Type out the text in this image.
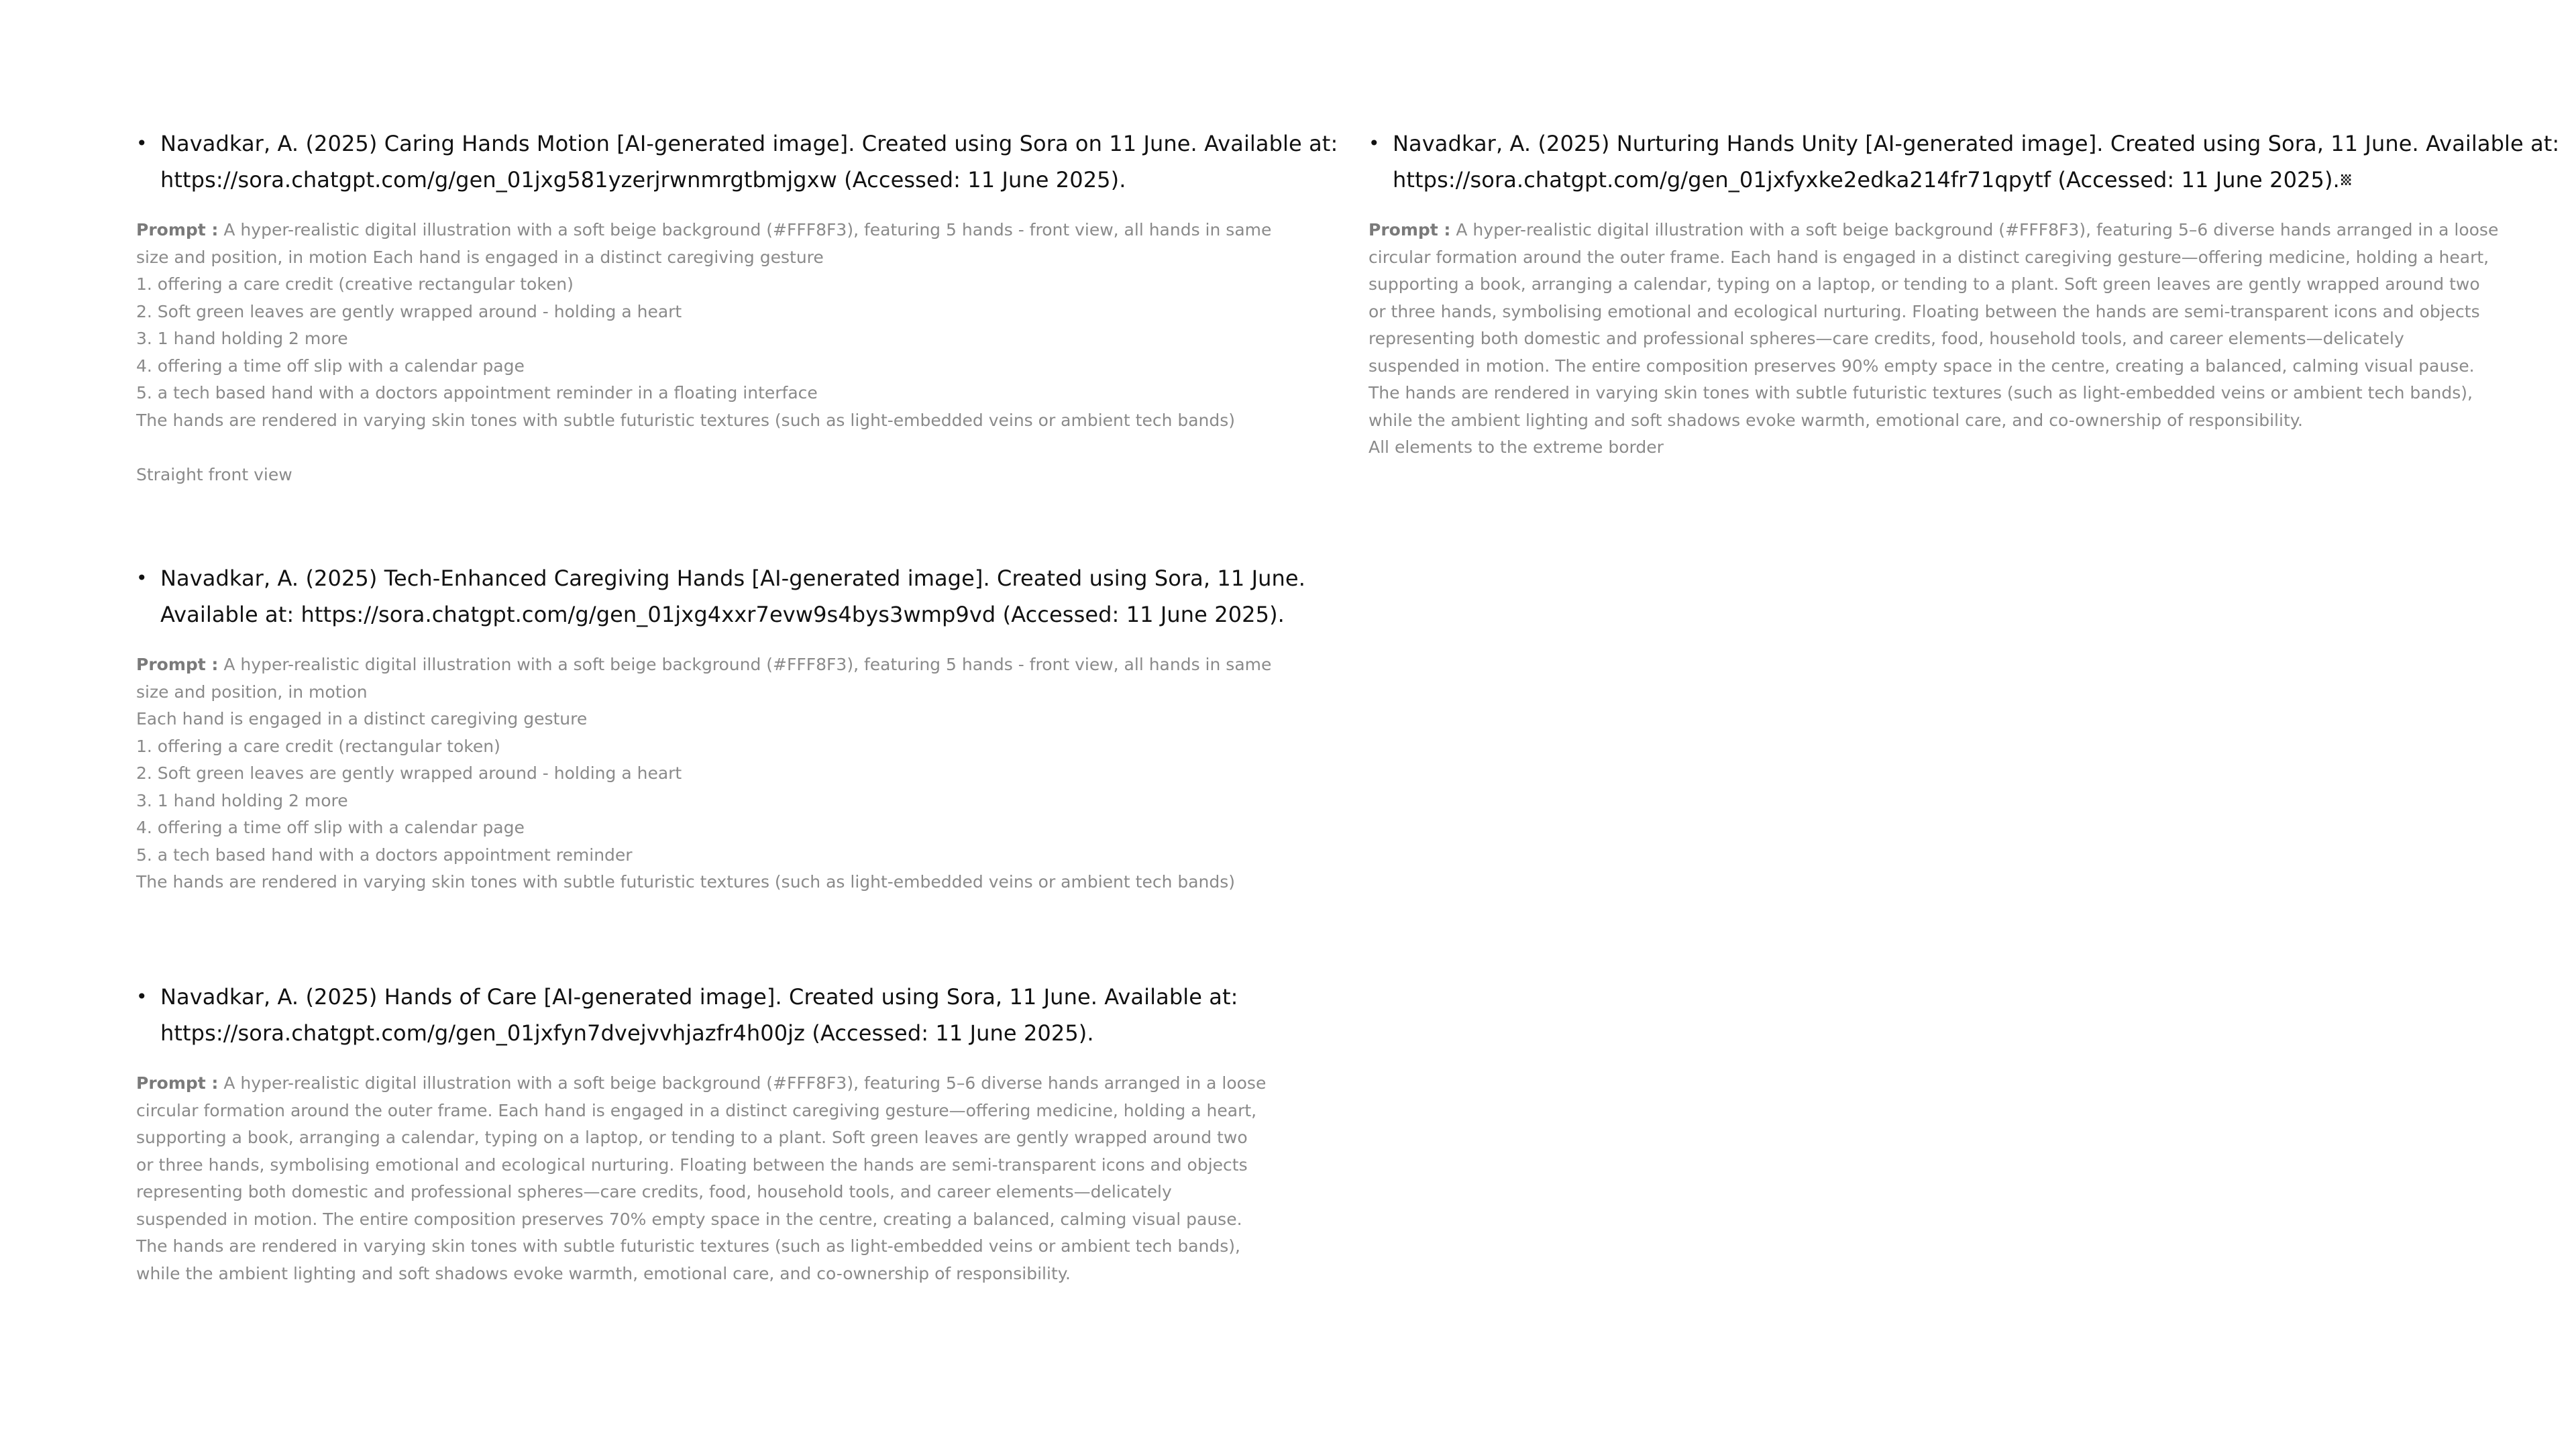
• Navadkar, A. (2025) Caring Hands Motion [AI-generated image]. Created using Sora on 11 June. Available at:
https://sora.chatgpt.com/g/gen_01jxg581yzerjrwnmrgtbmjgxw (Accessed: 11 June 2025).
Prompt : A hyper-realistic digital illustration with a soft beige background (#FFF8F3), featuring 5 hands - front view, all hands in same
size and position, in motion Each hand is engaged in a distinct caregiving gesture
1. offering a care credit (creative rectangular token)
2. Soft green leaves are gently wrapped around - holding a heart
3. 1 hand holding 2 more
4. offering a time off slip with a calendar page
5. a tech based hand with a doctors appointment reminder in a floating interface
The hands are rendered in varying skin tones with subtle futuristic textures (such as light-embedded veins or ambient tech bands)
Straight front view
• Navadkar, A. (2025) Tech-Enhanced Caregiving Hands [AI-generated image]. Created using Sora, 11 June.
Available at: https://sora.chatgpt.com/g/gen_01jxg4xxr7evw9s4bys3wmp9vd (Accessed: 11 June 2025).
Prompt : A hyper-realistic digital illustration with a soft beige background (#FFF8F3), featuring 5 hands - front view, all hands in same
size and position, in motion
Each hand is engaged in a distinct caregiving gesture
1. offering a care credit (rectangular token)
2. Soft green leaves are gently wrapped around - holding a heart
3. 1 hand holding 2 more
4. offering a time off slip with a calendar page
5. a tech based hand with a doctors appointment reminder
The hands are rendered in varying skin tones with subtle futuristic textures (such as light-embedded veins or ambient tech bands)
• Navadkar, A. (2025) Hands of Care [AI-generated image]. Created using Sora, 11 June. Available at:
https://sora.chatgpt.com/g/gen_01jxfyn7dvejvvhjazfr4h00jz (Accessed: 11 June 2025).
Prompt : A hyper-realistic digital illustration with a soft beige background (#FFF8F3), featuring 5–6 diverse hands arranged in a loose
circular formation around the outer frame. Each hand is engaged in a distinct caregiving gesture—offering medicine, holding a heart,
supporting a book, arranging a calendar, typing on a laptop, or tending to a plant. Soft green leaves are gently wrapped around two
or three hands, symbolising emotional and ecological nurturing. Floating between the hands are semi-transparent icons and objects
representing both domestic and professional spheres—care credits, food, household tools, and career elements—delicately
suspended in motion. The entire composition preserves 70% empty space in the centre, creating a balanced, calming visual pause.
The hands are rendered in varying skin tones with subtle futuristic textures (such as light-embedded veins or ambient tech bands),
while the ambient lighting and soft shadows evoke warmth, emotional care, and co-ownership of responsibility.
• Navadkar, A. (2025) Nurturing Hands Unity [AI-generated image]. Created using Sora, 11 June. Available at:
https://sora.chatgpt.com/g/gen_01jxfyxke2edka214fr71qpytf (Accessed: 11 June 2025).␧
Prompt : A hyper-realistic digital illustration with a soft beige background (#FFF8F3), featuring 5–6 diverse hands arranged in a loose
circular formation around the outer frame. Each hand is engaged in a distinct caregiving gesture—offering medicine, holding a heart,
supporting a book, arranging a calendar, typing on a laptop, or tending to a plant. Soft green leaves are gently wrapped around two
or three hands, symbolising emotional and ecological nurturing. Floating between the hands are semi-transparent icons and objects
representing both domestic and professional spheres—care credits, food, household tools, and career elements—delicately
suspended in motion. The entire composition preserves 90% empty space in the centre, creating a balanced, calming visual pause.
The hands are rendered in varying skin tones with subtle futuristic textures (such as light-embedded veins or ambient tech bands),
while the ambient lighting and soft shadows evoke warmth, emotional care, and co-ownership of responsibility.
All elements to the extreme border
